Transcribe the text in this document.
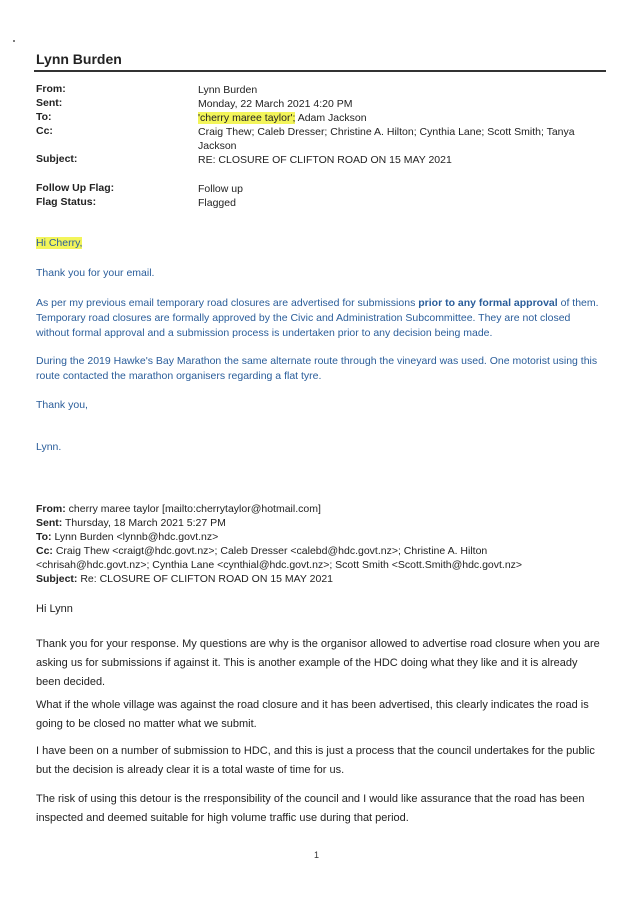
Lynn Burden
From:	Lynn Burden
Sent:	Monday, 22 March 2021 4:20 PM
To:	'cherry maree taylor'; Adam Jackson
Cc:	Craig Thew; Caleb Dresser; Christine A. Hilton; Cynthia Lane; Scott Smith; Tanya Jackson
Subject:	RE: CLOSURE OF CLIFTON ROAD ON 15 MAY 2021
Follow Up Flag:	Follow up
Flag Status:	Flagged
Hi Cherry,
Thank you for your email.
As per my previous email temporary road closures are advertised for submissions prior to any formal approval of them. Temporary road closures are formally approved by the Civic and Administration Subcommittee. They are not closed without formal approval and a submission process is undertaken prior to any decision being made.
During the 2019 Hawke's Bay Marathon the same alternate route through the vineyard was used. One motorist using this route contacted the marathon organisers regarding a flat tyre.
Thank you,
Lynn.
From: cherry maree taylor [mailto:cherrytaylor@hotmail.com]
Sent: Thursday, 18 March 2021 5:27 PM
To: Lynn Burden <lynnb@hdc.govt.nz>
Cc: Craig Thew <craigt@hdc.govt.nz>; Caleb Dresser <calebd@hdc.govt.nz>; Christine A. Hilton
<chrisah@hdc.govt.nz>; Cynthia Lane <cynthial@hdc.govt.nz>; Scott Smith <Scott.Smith@hdc.govt.nz>
Subject: Re: CLOSURE OF CLIFTON ROAD ON 15 MAY 2021
Hi Lynn
Thank you for your response. My questions are why is the organisor allowed to advertise road closure when you are asking us for submissions if against it. This is another example of the HDC doing what they like and it is already been decided.
What if the whole village was against the road closure and it has been advertised, this clearly indicates the road is going to be closed no matter what we submit.
I have been on a number of submission to HDC, and this is just a process that the council undertakes for the public but the decision is already clear it is a total waste of time for us.
The risk of using this detour is the rresponsibility of the council and I would like assurance that the road has been inspected and deemed suitable for high volume traffic use during that period.
1
